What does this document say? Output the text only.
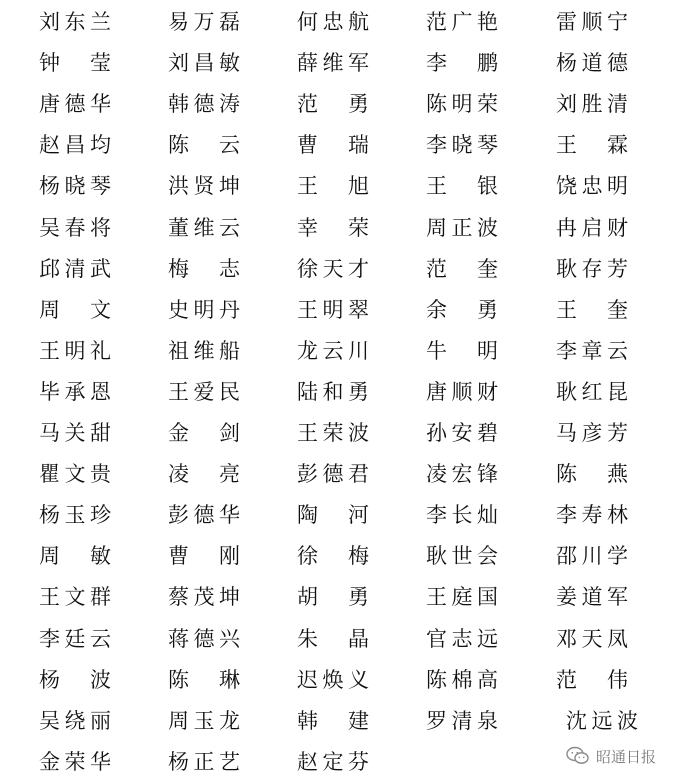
刘 东 兰	易 万 磊	何 忠 航	范 广 艳	雷 顺 宁
钟 莹	刘 昌 敏	薛 维 军	李 鹏	杨 道 德
唐 德 华	韩 德 涛	范 勇	陈 明 荣	刘 胜 清
赵 昌 均	陈 云	曹 瑞	李 晓 琴	王 霖
杨 晓 琴	洪 贤 坤	王 旭	王 银	饶 忠 明
吴 春 将	董 维 云	幸 荣	周 正 波	冉 启 财
邱 清 武	梅 志	徐 天 才	范 奎	耿 存 芳
周 文	史 明 丹	王 明 翠	余 勇	王 奎
王 明 礼	祖 维 船	龙 云 川	牛 明	李 章 云
毕 承 恩	王 爱 民	陆 和 勇	唐 顺 财	耿 红 昆
马 关 甜	金 剑	王 荣 波	孙 安 碧	马 彦 芳
瞿 文 贵	凌 亮	彭 德 君	凌 宏 锋	陈 燕
杨 玉 珍	彭 德 华	陶 河	李 长 灿	李 寿 林
周 敏	曹 刚	徐 梅	耿 世 会	邵 川 学
王 文 群	蔡 茂 坤	胡 勇	王 庭 国	姜 道 军
李 廷 云	蒋 德 兴	朱 晶	官 志 远	邓 天 凤
杨 波	陈 琳	迟 焕 义	陈 棉 高	范 伟
吴 绕 丽	周 玉 龙	韩 建	罗 清 泉	沈 远 波
金 荣 华	杨 正 艺	赵 定 芬	昭通日报
